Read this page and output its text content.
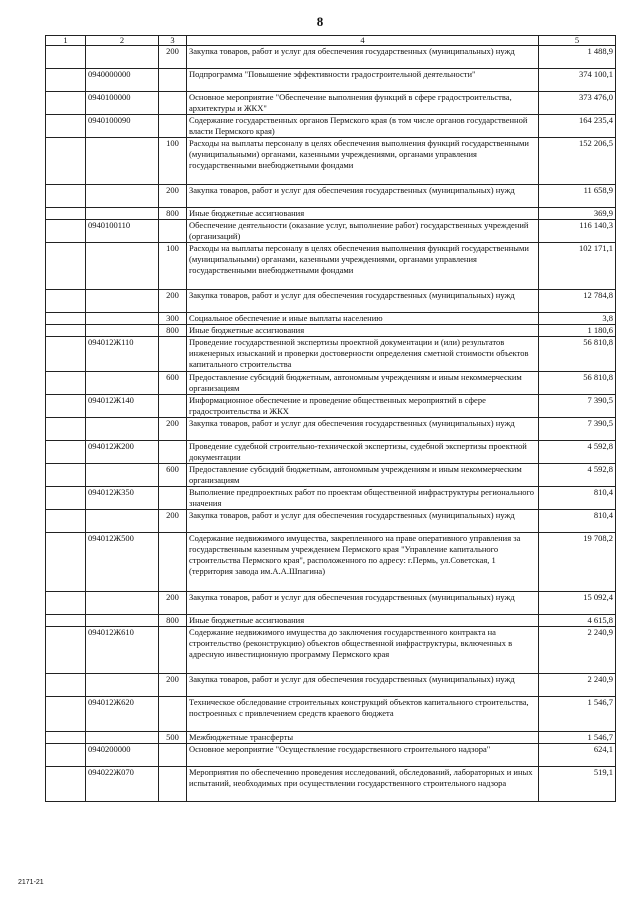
8
1	2	3	4	5
		200	Закупка товаров, работ и услуг для обеспечения государственных (муниципальных) нужд	1 488,9
	0940000000		Подпрограмма "Повышение эффективности градостроительной деятельности"	374 100,1
	0940100000		Основное мероприятие "Обеспечение выполнения функций в сфере градостроительства, архитектуры и ЖКХ"	373 476,0
	0940100090		Содержание государственных органов Пермского края (в том числе органов государственной власти Пермского края)	164 235,4
		100	Расходы на выплаты персоналу в целях обеспечения выполнения функций государственными (муниципальными) органами, казенными учреждениями, органами управления государственными внебюджетными фондами	152 206,5
		200	Закупка товаров, работ и услуг для обеспечения государственных (муниципальных) нужд	11 658,9
		800	Иные бюджетные ассигнования	369,9
	0940100110		Обеспечение деятельности (оказание услуг, выполнение работ) государственных учреждений (организаций)	116 140,3
		100	Расходы на выплаты персоналу в целях обеспечения выполнения функций государственными (муниципальными) органами, казенными учреждениями, органами управления государственными внебюджетными фондами	102 171,1
		200	Закупка товаров, работ и услуг для обеспечения государственных (муниципальных) нужд	12 784,8
		300	Социальное обеспечение и иные выплаты населению	3,8
		800	Иные бюджетные ассигнования	1 180,6
	094012Ж110		Проведение государственной экспертизы проектной документации и (или) результатов инженерных изысканий и проверки достоверности определения сметной стоимости объектов капитального строительства	56 810,8
		600	Предоставление субсидий бюджетным, автономным учреждениям и иным некоммерческим организациям	56 810,8
	094012Ж140		Информационное обеспечение и проведение общественных мероприятий в сфере градостроительства и ЖКХ	7 390,5
		200	Закупка товаров, работ и услуг для обеспечения государственных (муниципальных) нужд	7 390,5
	094012Ж200		Проведение судебной строительно-технической экспертизы, судебной экспертизы проектной документации	4 592,8
		600	Предоставление субсидий бюджетным, автономным учреждениям и иным некоммерческим организациям	4 592,8
	094012Ж350		Выполнение предпроектных работ по проектам общественной инфраструктуры регионального значения	810,4
		200	Закупка товаров, работ и услуг для обеспечения государственных (муниципальных) нужд	810,4
	094012Ж500		Содержание недвижимого имущества, закрепленного на праве оперативного управления за государственным казенным учреждением Пермского края "Управление капитального строительства Пермского края", расположенного по адресу: г.Пермь, ул.Советская, 1 (территория завода им.А.А.Шпагина)	19 708,2
		200	Закупка товаров, работ и услуг для обеспечения государственных (муниципальных) нужд	15 092,4
		800	Иные бюджетные ассигнования	4 615,8
	094012Ж610		Содержание недвижимого имущества до заключения государственного контракта на строительство (реконструкцию) объектов общественной инфраструктуры, включенных в адресную инвестиционную программу Пермского края	2 240,9
		200	Закупка товаров, работ и услуг для обеспечения государственных (муниципальных) нужд	2 240,9
	094012Ж620		Техническое обследование строительных конструкций объектов капитального строительства, построенных с привлечением средств краевого бюджета	1 546,7
		500	Межбюджетные трансферты	1 546,7
	0940200000		Основное мероприятие "Осуществление государственного строительного надзора"	624,1
	094022Ж070		Мероприятия по обеспечению проведения исследований, обследований, лабораторных и иных испытаний, необходимых при осуществлении государственного строительного надзора	519,1
2171-21
